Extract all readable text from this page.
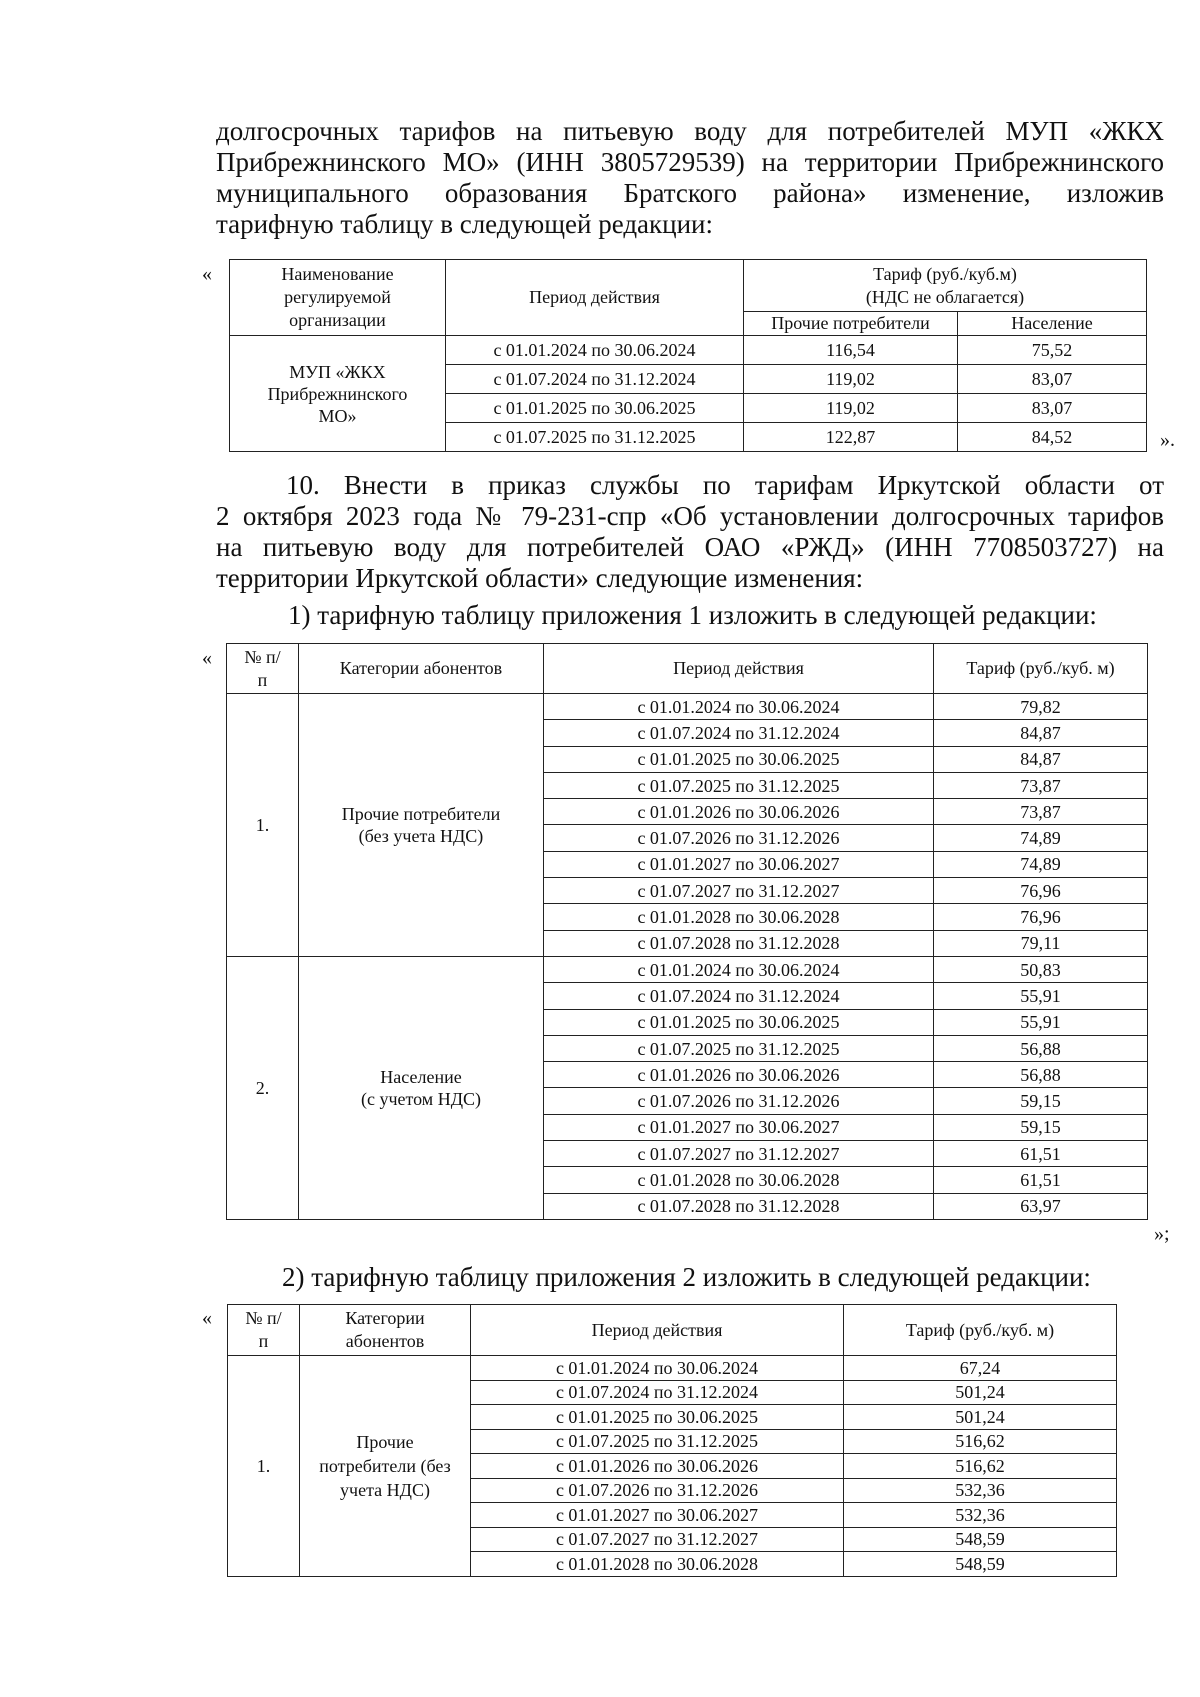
долгосрочных тарифов на питьевую воду для потребителей МУП «ЖКХ
Прибрежнинского МО» (ИНН 3805729539) на территории Прибрежнинского
муниципального образования Братского района» изменение, изложив
тарифную таблицу в следующей редакции:
«	Наименование регулируемой организации	Период действия	Тариф (руб./куб.м)
(НДС не облагается)	
		Прочие потребители	Население
МУП «ЖКХ Прибрежнинского МО»	с 01.01.2024 по 30.06.2024	116,54	75,52
	с 01.07.2024 по 31.12.2024	119,02	83,07
	с 01.01.2025 по 30.06.2025	119,02	83,07
	с 01.07.2025 по 31.12.2025	122,87	84,52	».
10. Внести в приказ службы по тарифам Иркутской области от
2 октября 2023 года № 79-231-спр «Об установлении долгосрочных тарифов
на питьевую воду для потребителей ОАО «РЖД» (ИНН 7708503727) на
территории Иркутской области» следующие изменения:
1) тарифную таблицу приложения 1 изложить в следующей редакции:
« № п/п	Категории абонентов	Период действия	Тариф (руб./куб. м)
1.	Прочие потребители
(без учета НДС)	с 01.01.2024 по 30.06.2024	79,82
		с 01.07.2024 по 31.12.2024	84,87
		с 01.01.2025 по 30.06.2025	84,87
		с 01.07.2025 по 31.12.2025	73,87
		с 01.01.2026 по 30.06.2026	73,87
		с 01.07.2026 по 31.12.2026	74,89
		с 01.01.2027 по 30.06.2027	74,89
		с 01.07.2027 по 31.12.2027	76,96
		с 01.01.2028 по 30.06.2028	76,96
		с 01.07.2028 по 31.12.2028	79,11
2.	Население
(с учетом НДС)	с 01.01.2024 по 30.06.2024	50,83
		с 01.07.2024 по 31.12.2024	55,91
		с 01.01.2025 по 30.06.2025	55,91
		с 01.07.2025 по 31.12.2025	56,88
		с 01.01.2026 по 30.06.2026	56,88
		с 01.07.2026 по 31.12.2026	59,15
		с 01.01.2027 по 30.06.2027	59,15
		с 01.07.2027 по 31.12.2027	61,51
		с 01.01.2028 по 30.06.2028	61,51
		с 01.07.2028 по 31.12.2028	63,97
»;
2) тарифную таблицу приложения 2 изложить в следующей редакции:
« № п/п	Категории абонентов	Период действия	Тариф (руб./куб. м)
1.	Прочие потребители (без учета НДС)	с 01.01.2024 по 30.06.2024	67,24
		с 01.07.2024 по 31.12.2024	501,24
		с 01.01.2025 по 30.06.2025	501,24
		с 01.07.2025 по 31.12.2025	516,62
		с 01.01.2026 по 30.06.2026	516,62
		с 01.07.2026 по 31.12.2026	532,36
		с 01.01.2027 по 30.06.2027	532,36
		с 01.07.2027 по 31.12.2027	548,59
		с 01.01.2028 по 30.06.2028	548,59
